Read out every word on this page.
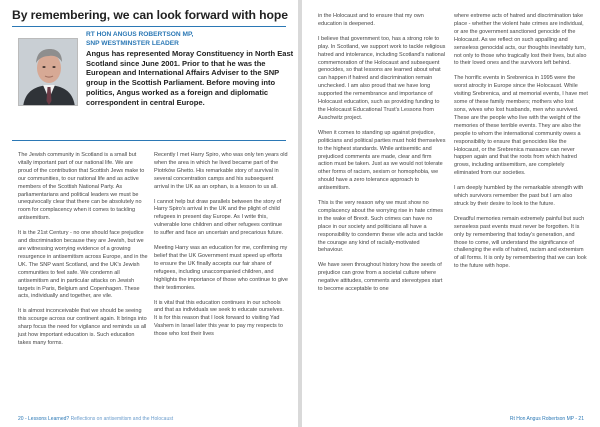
By remembering, we can look forward with hope
RT HON ANGUS ROBERTSON MP,
SNP WESTMINSTER LEADER

Angus has represented Moray Constituency in North East Scotland since June 2001. Prior to that he was the European and International Affairs Adviser to the SNP group in the Scottish Parliament. Before moving into politics, Angus worked as a foreign and diplomatic correspondent in central Europe.

The Jewish community in Scotland is a small but vitally important part of our national life. We are proud of the contribution that Scottish Jews make to our communities, to our national life and as active members of the Scottish National Party. As parliamentarians and political leaders we must be unequivocally clear that there can be absolutely no room for complacency when it comes to tackling antisemitism.

It is the 21st Century - no one should face prejudice and discrimination because they are Jewish, but we are witnessing worrying evidence of a growing resurgence in antisemitism across Europe, and in the UK. The SNP want Scotland, and the UK's Jewish communities to feel safe. We condemn all antisemitism and in particular attacks on Jewish targets in Paris, Belgium and Copenhagen. These acts, individually and together, are vile.

It is almost inconceivable that we should be seeing this scourge across our continent again. It brings into sharp focus the need for vigilance and reminds us all just how important education is. Such education takes many forms.

Recently I met Harry Spiro, who was only ten years old when the area in which he lived became part of the Piotrków Ghetto. His remarkable story of survival in several concentration camps and his subsequent arrival in the UK as an orphan, is a lesson to us all.

I cannot help but draw parallels between the story of Harry Spiro's arrival in the UK and the plight of child refugees in present day Europe. As I write this, vulnerable lone children and other refugees continue to suffer and face an uncertain and precarious future.

Meeting Harry was an education for me, confirming my belief that the UK Government must speed up efforts to ensure the UK finally accepts our fair share of refugees, including unaccompanied children, and highlights the importance of those who continue to give their testimonies.

It is vital that this education continues in our schools and that as individuals we seek to educate ourselves. It is for this reason that I look forward to visiting Yad Vashem in Israel later this year to pay my respects to those who lost their lives

20 - Lessons Learned? Reflections on antisemitism and the Holocaust

in the Holocaust and to ensure that my own education is deepened.

I believe that government too, has a strong role to play. In Scotland, we support work to tackle religious hatred and intolerance, including Scotland's national commemoration of the Holocaust and subsequent genocides, so that lessons are learned about what can happen if hatred and discrimination remain unchecked. I am also proud that we have long supported the remembrance and importance of Holocaust education, such as providing funding to the Holocaust Educational Trust's Lessons from Auschwitz project.

When it comes to standing up against prejudice, politicians and political parties must hold themselves to the highest standards. While antisemitic and prejudiced comments are made, clear and firm action must be taken. Just as we would not tolerate other forms of racism, sexism or homophobia, we should have a zero tolerance approach to antisemitism.

This is the very reason why we must show no complacency about the worrying rise in hate crimes in the wake of Brexit. Such crimes can have no place in our society and politicians all have a responsibility to condemn these vile acts and tackle the courage any kind of racially-motivated behaviour.

We have seen throughout history how the seeds of prejudice can grow from a societal culture where negative attitudes, comments and stereotypes start to become acceptable to one

where extreme acts of hatred and discrimination take place - whether the violent hate crimes are individual, or are the government sanctioned genocide of the Holocaust. As we reflect on such appalling and senseless genocidal acts, our thoughts inevitably turn, not only to those who tragically lost their lives, but also to their loved ones and the survivors left behind.

The horrific events in Srebrenica in 1995 were the worst atrocity in Europe since the Holocaust. While visiting Srebrenica, and at memorial events, I have met some of these family members; mothers who lost sons, wives who lost husbands, men who survived. These are the people who live with the weight of the memories of these terrible events. They are also the people to whom the international community owes a responsibility to ensure that genocides like the Holocaust, or the Srebrenica massacre can never happen again and that the roots from which hatred grows, including antisemitism, are completely eliminated from our societies.

I am deeply humbled by the remarkable strength with which survivors remember the past but I am also struck by their desire to look to the future.

Dreadful memories remain extremely painful but such senseless past events must never be forgotten. It is only by remembering that today's generation, and those to come, will understand the significance of challenging the evils of hatred, racism and extremism of all forms. It is only by remembering that we can look to the future with hope.

Rt Hon Angus Robertson MP - 21
